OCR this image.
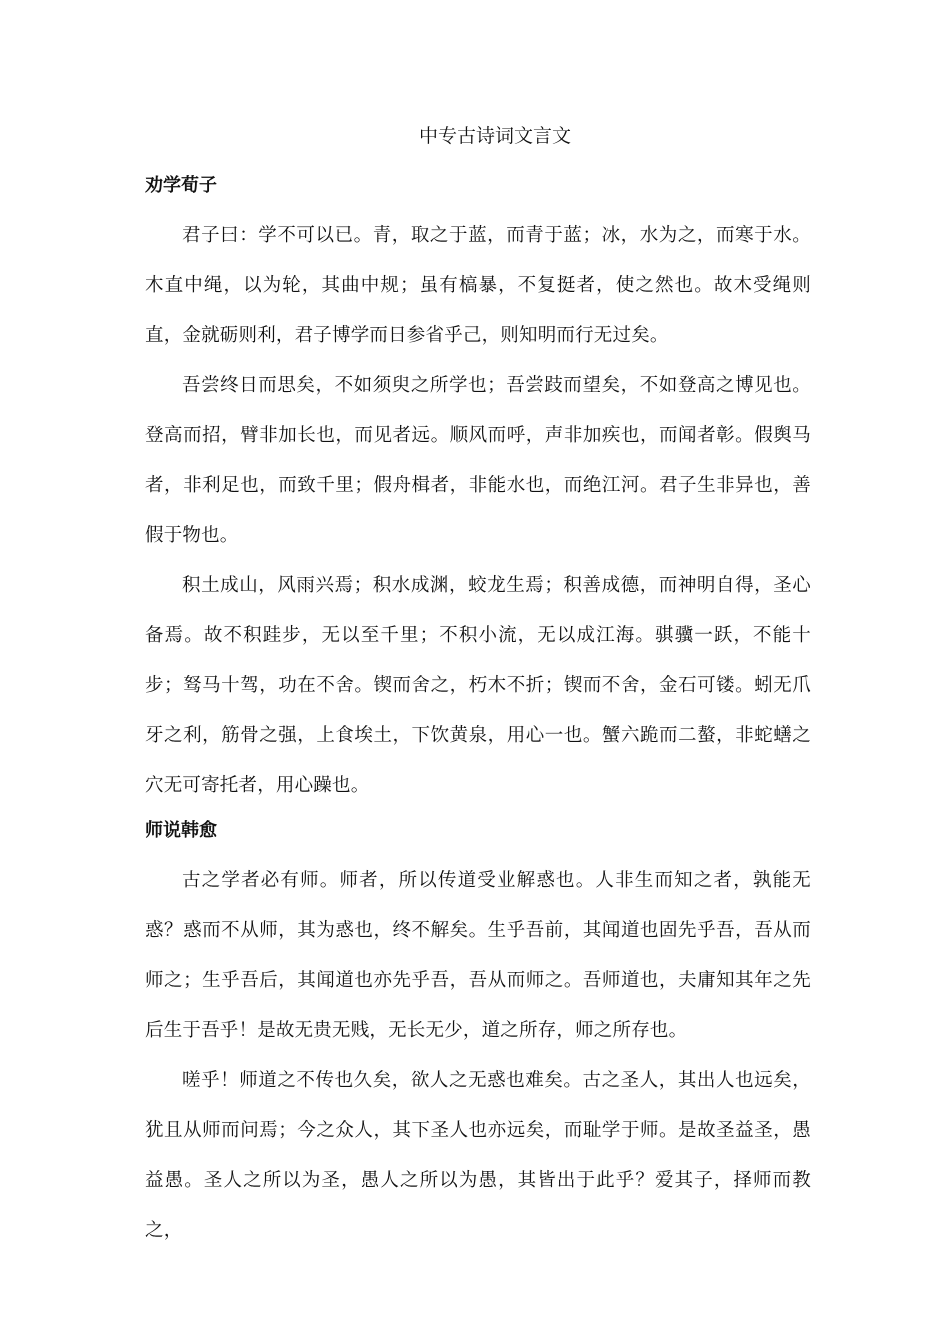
中专古诗词文言文
劝学荀子

君子曰：学不可以已。青，取之于蓝，而青于蓝；冰，水为之，而寒于水。木直中绳，以为轮，其曲中规；虽有槁暴，不复挺者，使之然也。故木受绳则直，金就砺则利，君子博学而日参省乎己，则知明而行无过矣。

吾尝终日而思矣，不如须臾之所学也；吾尝跂而望矣，不如登高之博见也。登高而招，臂非加长也，而见者远。顺风而呼，声非加疾也，而闻者彰。假舆马者，非利足也，而致千里；假舟楫者，非能水也，而绝江河。君子生非异也，善假于物也。

积土成山，风雨兴焉；积水成渊，蛟龙生焉；积善成德，而神明自得，圣心备焉。故不积跬步，无以至千里；不积小流，无以成江海。骐骥一跃，不能十步；驽马十驾，功在不舍。锲而舍之，朽木不折；锲而不舍，金石可镂。蚓无爪牙之利，筋骨之强，上食埃土，下饮黄泉，用心一也。蟹六跪而二螯，非蛇蟮之穴无可寄托者，用心躁也。

师说韩愈

古之学者必有师。师者，所以传道受业解惑也。人非生而知之者，孰能无惑？惑而不从师，其为惑也，终不解矣。生乎吾前，其闻道也固先乎吾，吾从而师之；生乎吾后，其闻道也亦先乎吾，吾从而师之。吾师道也，夫庸知其年之先后生于吾乎！是故无贵无贱，无长无少，道之所存，师之所存也。

嗟乎！师道之不传也久矣，欲人之无惑也难矣。古之圣人，其出人也远矣，犹且从师而问焉；今之众人，其下圣人也亦远矣，而耻学于师。是故圣益圣，愚益愚。圣人之所以为圣，愚人之所以为愚，其皆出于此乎？爱其子，择师而教之，
